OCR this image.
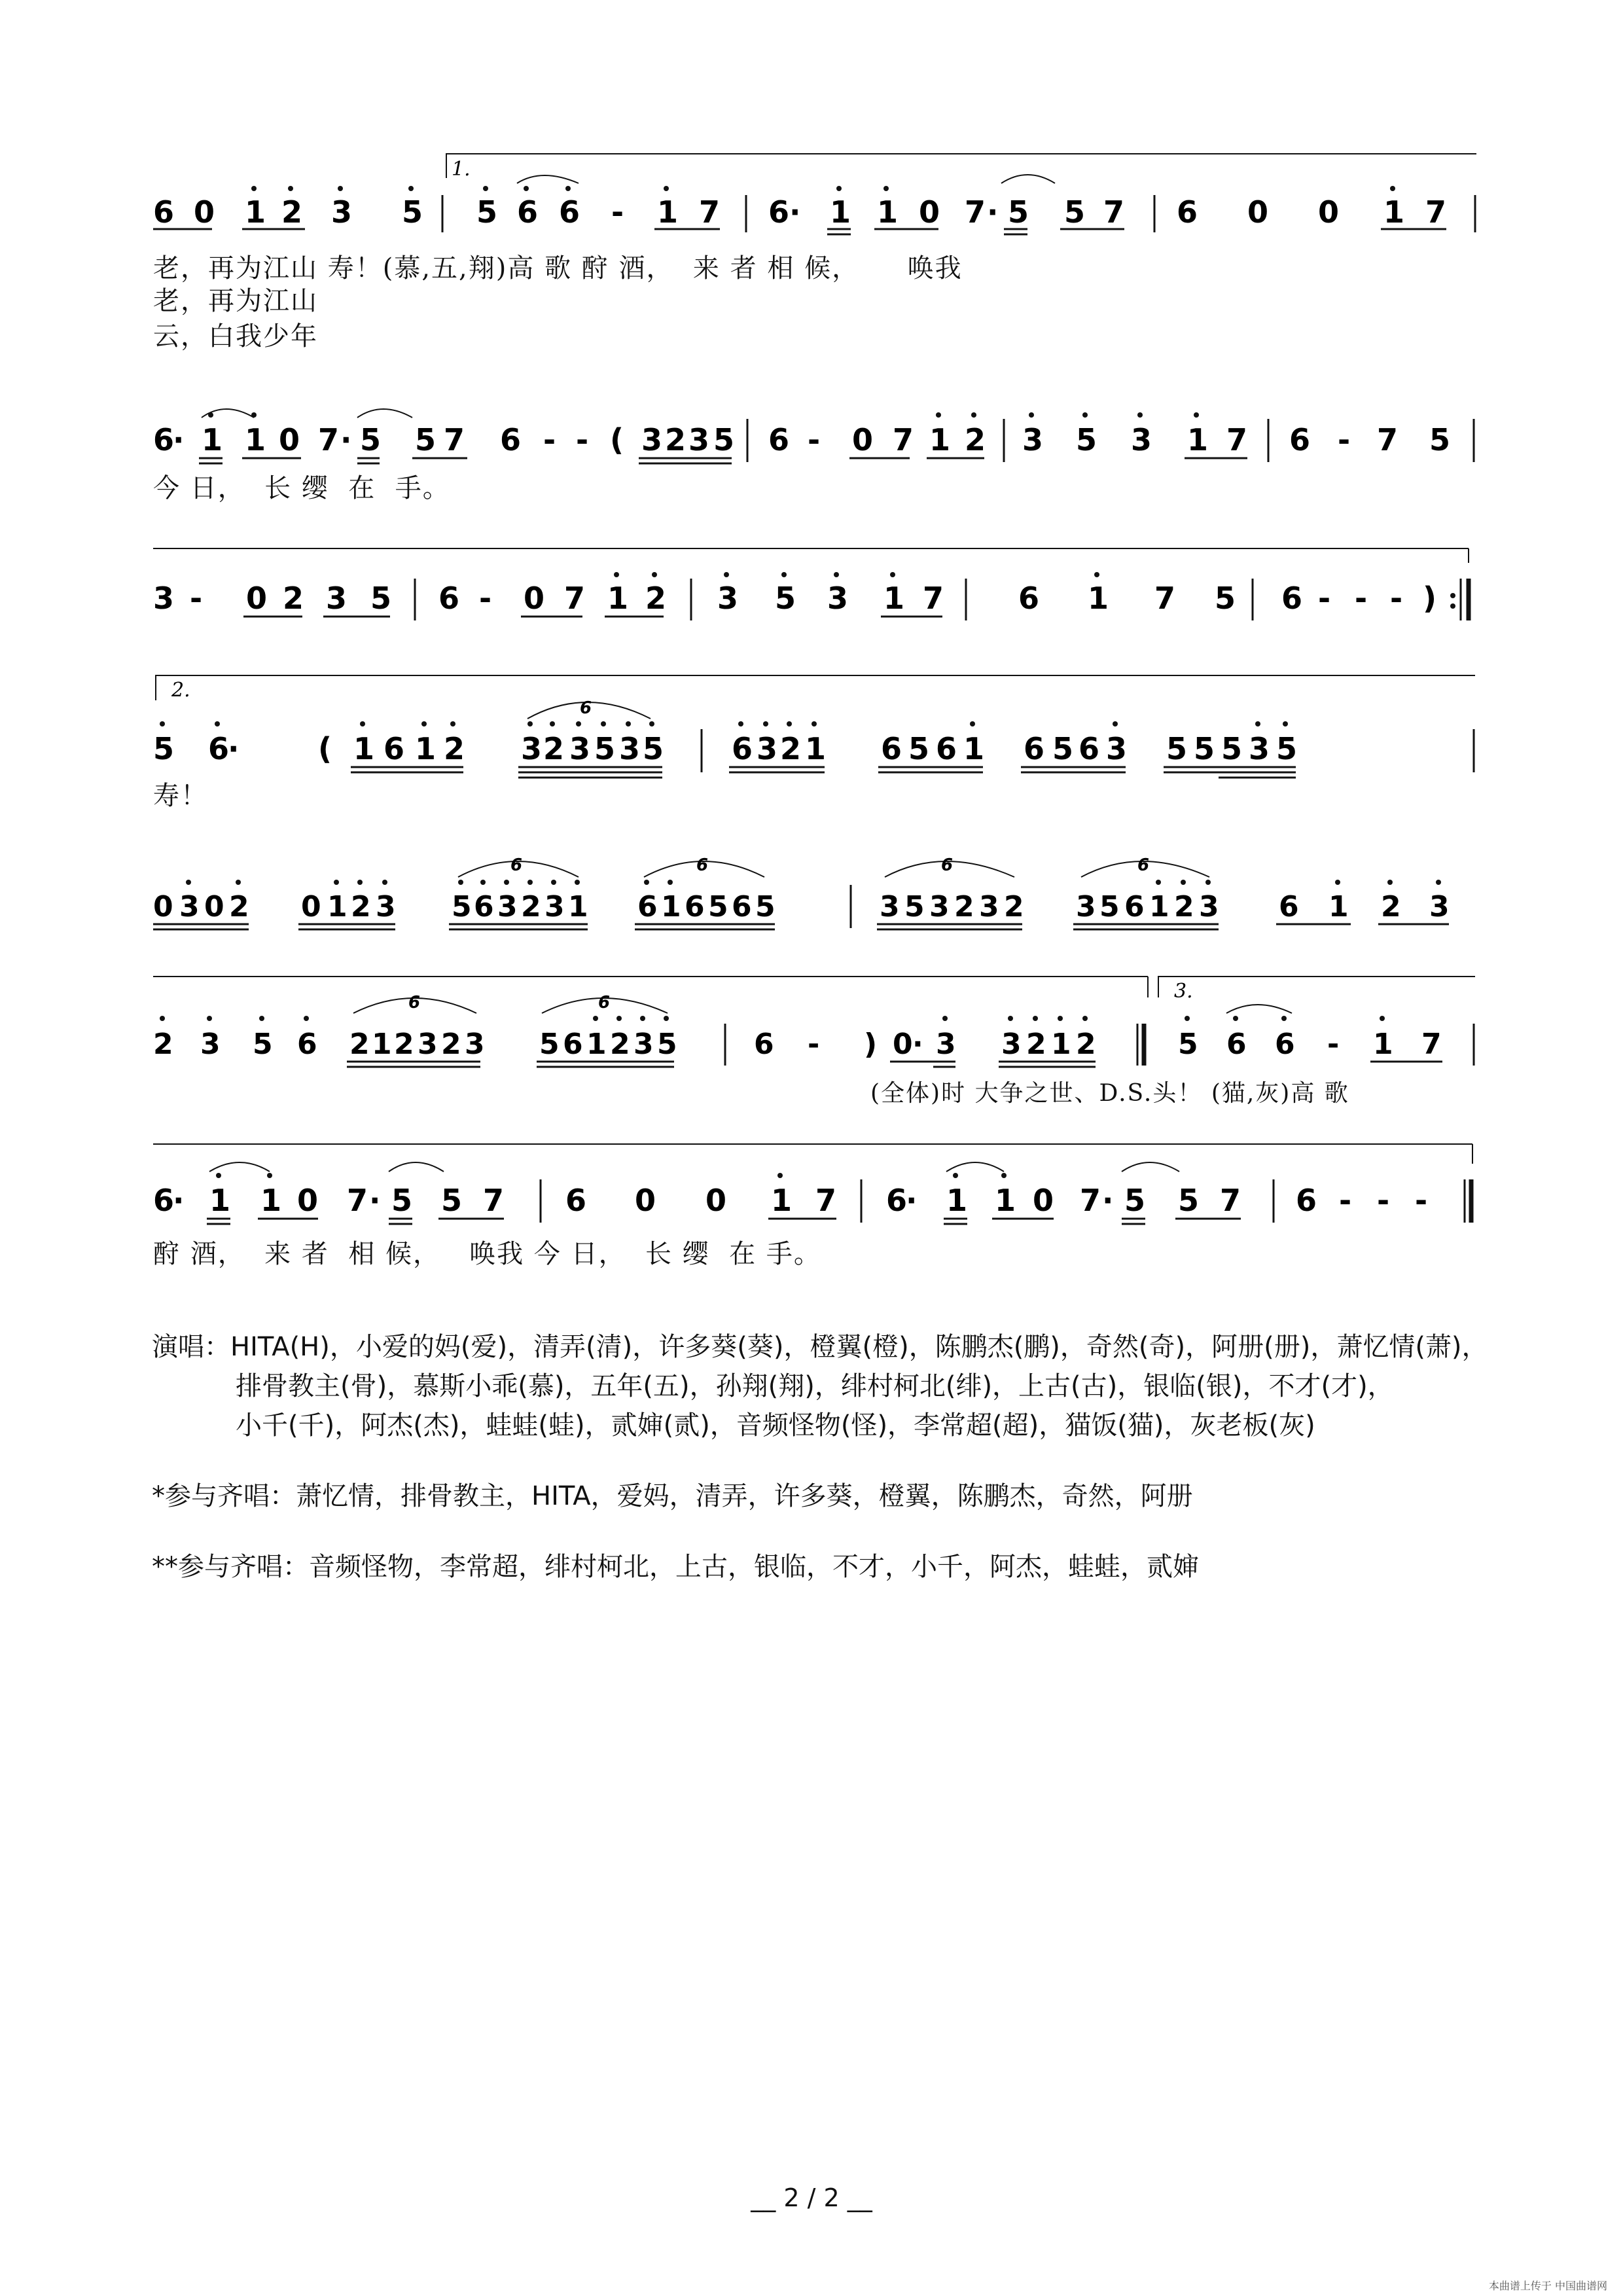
1.
6 0 1 2 3 5 5 6 6 - 1 7 6 · 1 1 0 7 · 5 5 7 6 0 0 1 7
老，再为江山 寿！(慕,五,翔)高 歌 酧 酒，  来 者 相 候，     唤我
老，再为江山
云，白我少年
6
· 1 1 0 7 · 5 5 7 6 - - ( 3 2 3 5 6 - 0 7 1 2 3 5 3 1 7 6 - 7 5
今 日，  长 缨  在  手。
3 - 0 2 3 5 6 - 0 7 1 2 3 5 3 1 7 6 1 7 5 6 - - - )
2.
5 6
·	( 1 6 1 2 3 2 3 5 3 5 6 3 2 1 6 5 6 1 6 5 6 3 5 5 5 3 5
6
寿！
0 3 0 2 0 1 2 3 5 6 3 2 3 1 6 1 6 5 6 5	3 5 3 2 3 2 3 5 6 1 2 3 6 1 2 3
6	6	6	6
3.
2 3 5 6 2 1 2 3 2 3 5 6 1 2 3 5	6 - ) 0 · 3 3 2 1 2	5 6 6 - 1 7
6	6
(全体)时 大争之世、D.S.头！ (猫,灰)高 歌
6
· 1 1 0 7 · 5 5 7 6 0 0 1 7 6
· 1 1 0 7 · 5 5 7 6 - - -
酧 酒，  来 者  相 候，   唤我 今 日，  长 缨  在 手。

演唱：HITA(H)，小爱的妈(爱)，清弄(清)，许多葵(葵)，橙翼(橙)，陈鹏杰(鹏)，奇然(奇)，阿册(册)，萧忆情(萧)，

排骨教主(骨)，慕斯小乖(慕)，五年(五)，孙翔(翔)，绯村柯北(绯)，上古(古)，银临(银)，不才(才)，

小千(千)，阿杰(杰)，蛙蛙(蛙)，贰婶(贰)，音频怪物(怪)，李常超(超)，猫饭(猫)，灰老板(灰)

*参与齐唱：萧忆情，排骨教主，HITA，爱妈，清弄，许多葵，橙翼，陈鹏杰，奇然，阿册

**参与齐唱：音频怪物，李常超，绯村柯北，上古，银临，不才，小千，阿杰，蛙蛙，贰婶

__ 2 / 2 __
本曲谱上传于 中国曲谱网
